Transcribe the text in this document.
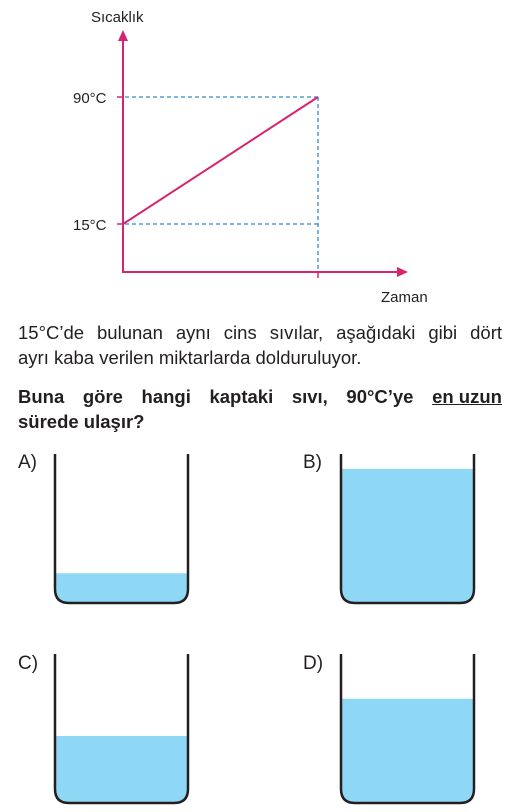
Sıcaklık
Zaman
90°C
15°C

15°C’de bulunan aynı cins sıvılar, aşağıdaki gibi dört

ayrı kaba verilen miktarlarda dolduruluyor.

Buna göre hangi kaptaki sıvı, 90°C’ye en uzun
sürede ulaşır?
A)	B)
C)	D)
